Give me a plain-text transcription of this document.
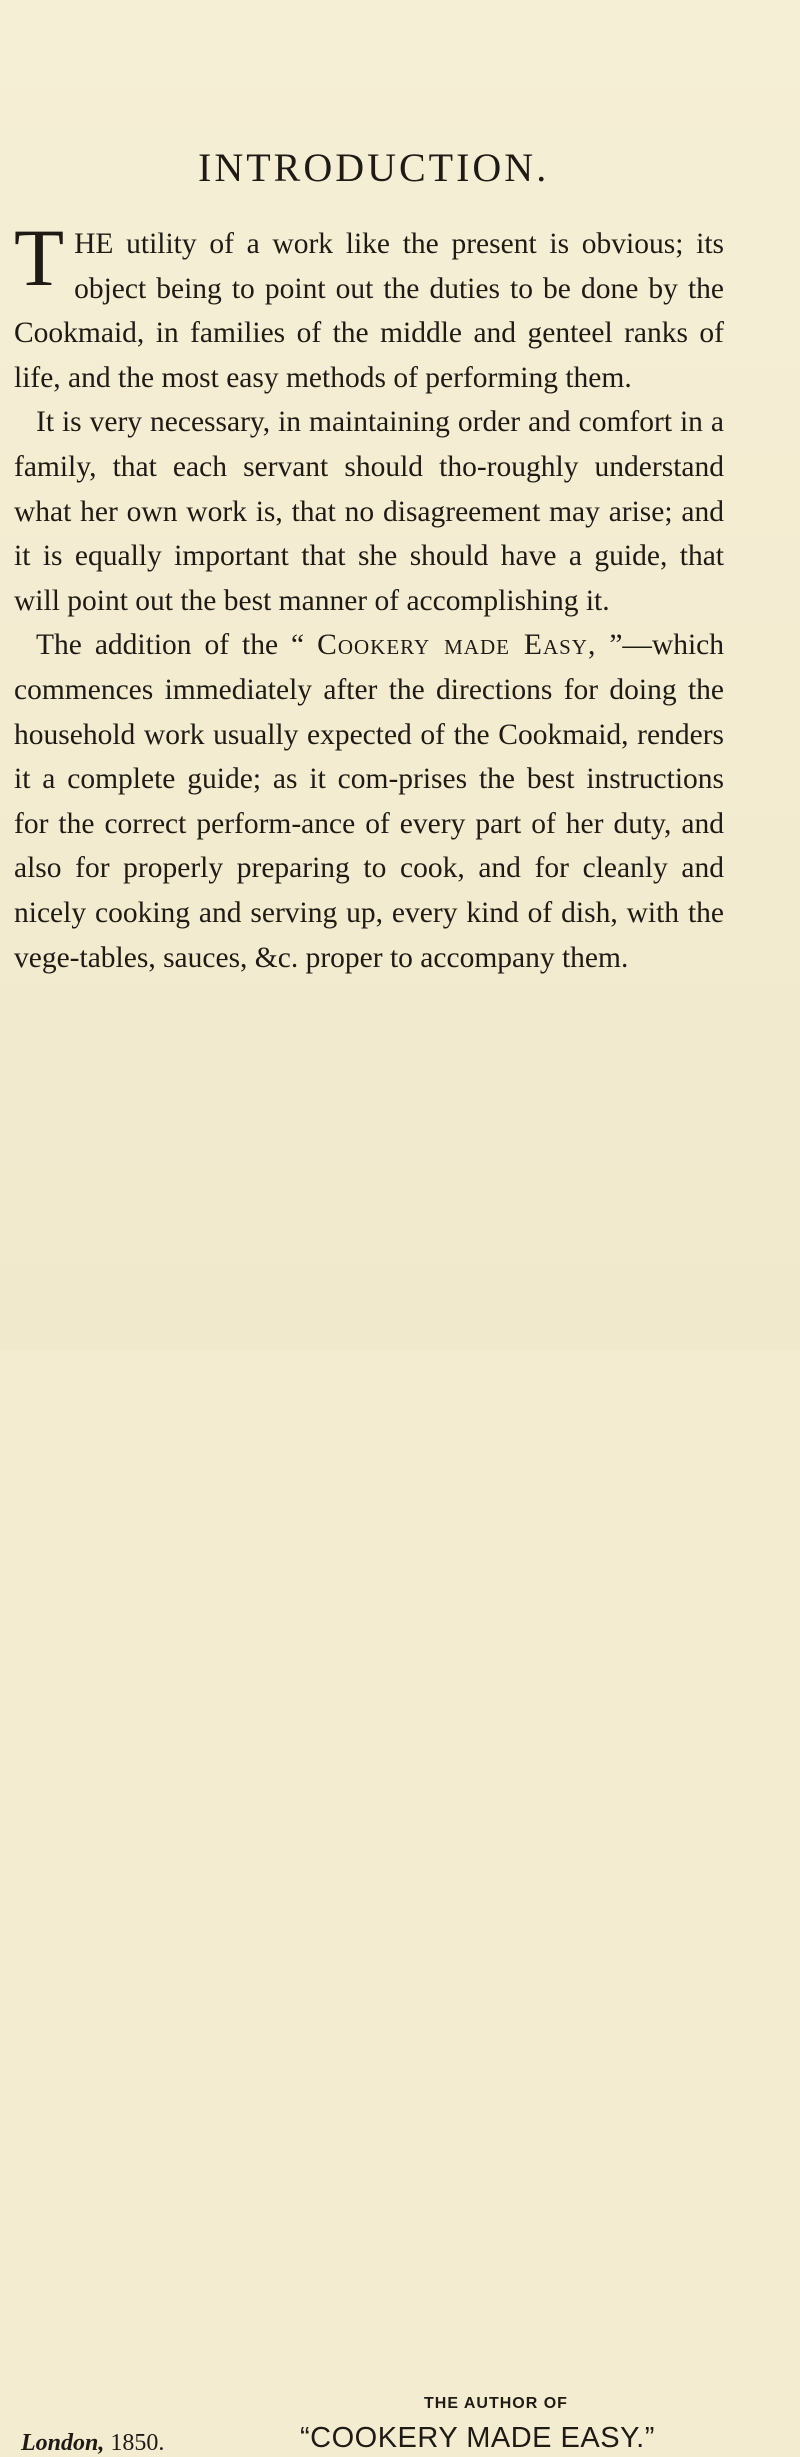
INTRODUCTION.

T HE utility of a work like the present is obvious; its object being to point out the duties to be done by the Cookmaid, in families of the middle and genteel ranks of life, and the most easy methods of performing them.

It is very necessary, in maintaining order and comfort in a family, that each servant should tho-roughly understand what her own work is, that no disagreement may arise; and it is equally important that she should have a guide, that will point out the best manner of accomplishing it.

The addition of the “ Cookery made Easy, ”—which commences immediately after the directions for doing the household work usually expected of the Cookmaid, renders it a complete guide; as it com-prises the best instructions for the correct perform-ance of every part of her duty, and also for properly preparing to cook, and for cleanly and nicely cooking and serving up, every kind of dish, with the vege-tables, sauces, &c. proper to accompany them.

THE AUTHOR OF
London, 1850.	“COOKERY MADE EASY.”
